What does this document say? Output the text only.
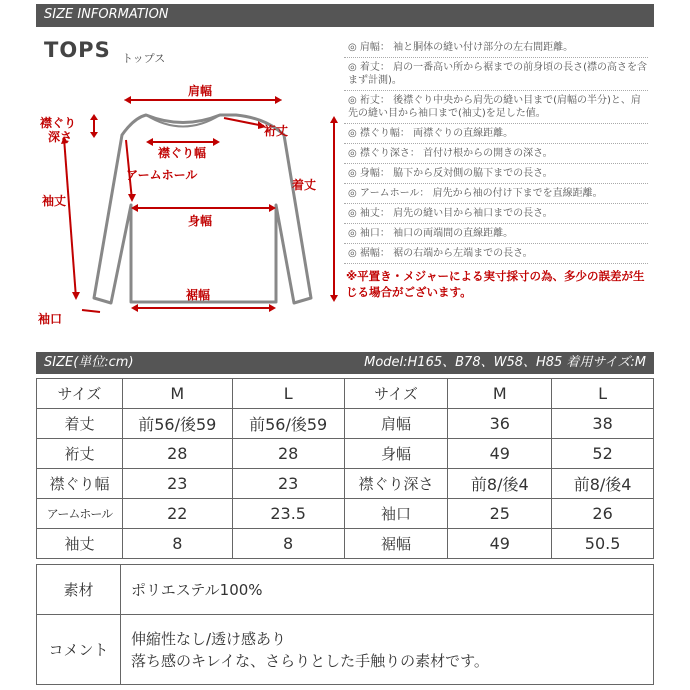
SIZE INFORMATION
TOPS トップス
肩幅
襟ぐり
深さ	裄丈
襟ぐり幅
アームホール
着丈
袖丈
身幅
裾幅
袖口
◎ 肩幅： 袖と胴体の縫い付け部分の左右間距離。
◎ 着丈： 肩の一番高い所から裾までの前身頃の長さ(襟の高さを含まず計測)。
◎ 裄丈： 後襟ぐり中央から肩先の縫い目まで(肩幅の半分)と、肩先の縫い目から袖口まで(袖丈)を足した値。
◎ 襟ぐり幅： 両襟ぐりの直線距離。
◎ 襟ぐり深さ： 首付け根からの開きの深さ。
◎ 身幅： 脇下から反対側の脇下までの長さ。
◎ アームホール： 肩先から袖の付け下までを直線距離。
◎ 袖丈： 肩先の縫い目から袖口までの長さ。
◎ 袖口： 袖口の両端間の直線距離。
◎ 裾幅： 裾の右端から左端までの長さ。
※平置き・メジャーによる実寸採寸の為、多少の誤差が生じる場合がございます。
SIZE(単位:cm)	Model:H165、B78、W58、H85 着用サイズ:M
サイズ	M	L	サイズ	M	L
着丈	前56/後59	前56/後59	肩幅	36	38
裄丈	28	28	身幅	49	52
襟ぐり幅	23	23	襟ぐり深さ	前8/後4	前8/後4
アームホール	22	23.5	袖口	25	26
袖丈	8	8	裾幅	49	50.5
素材	ポリエステル100%
コメント	伸縮性なし/透け感あり
落ち感のキレイな、さらりとした手触りの素材です。
